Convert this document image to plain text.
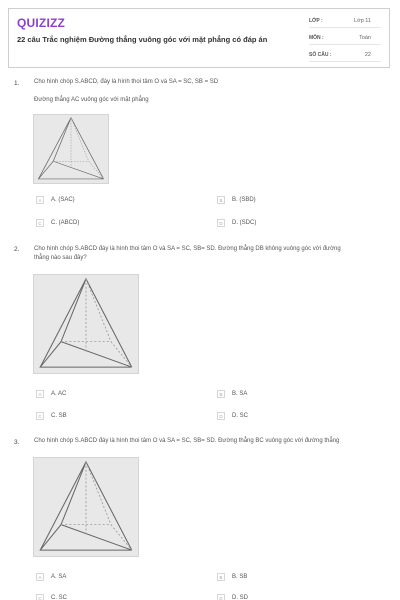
QUIZIZZ
22 câu Trắc nghiệm Đường thẳng vuông góc với mặt phẳng có đáp án
LỚP :	Lớp 11
MÔN :	Toán
SỐ CÂU :	22
1. Cho hình chóp S.ABCD, đáy là hình thoi tâm O và SA = SC, SB = SD
Đường thẳng AC vuông góc với mặt phẳng
A	A. (SAC)	B	B. (SBD)
C	C. (ABCD)	D	D. (SDC)
2. Cho hình chóp S.ABCD đáy là hình thoi tâm O và SA = SC, SB= SD. Đường thẳng DB không vuông góc với đường
thẳng nào sau đây?
A	A. AC	B	B. SA
C	C. SB	D	D. SC
3. Cho hình chóp S.ABCD đáy là hình thoi tâm O và SA = SC, SB= SD. Đường thẳng BC vuông góc với đường thẳng
A	A. SA	B	B. SB
C	C. SC	D	D. SD
